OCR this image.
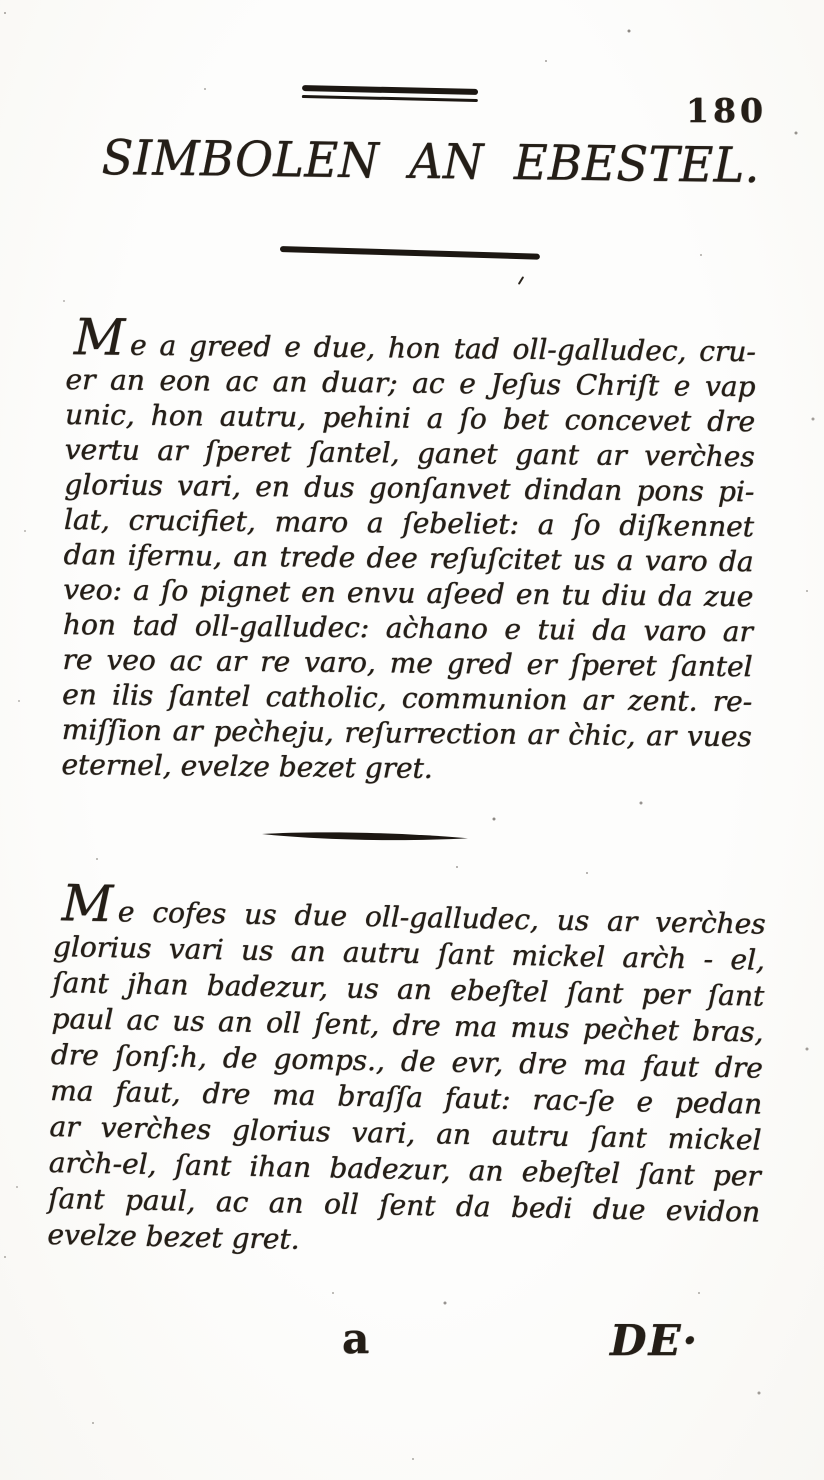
180
SIMBOLEN AN EBESTEL.
M e a greed e due, hon tad oll-galludec, cru-
er an eon ac an duar; ac e Jeſus Chriſt e vap
unic, hon autru, pehini a ſo bet concevet dre
vertu ar ſperet ſantel, ganet gant ar verc̀hes
glorius vari, en dus gonſanvet dindan pons pi-
lat, crucifiet, maro a ſebeliet: a ſo diſkennet
dan ifernu, an trede dee reſuſcitet us a varo da
veo: a ſo pignet en envu aſeed en tu diu da zue
hon tad oll-galludec: ac̀hano e tui da varo ar
re veo ac ar re varo, me gred er ſperet ſantel
en ilis ſantel catholic, communion ar zent. re-
miſſion ar pec̀heju, reſurrection ar c̀hic, ar vues
eternel, evelze bezet gret.
M e cofes us due oll-galludec, us ar verc̀hes
glorius vari us an autru ſant mickel arc̀h - el,
ſant jhan badezur, us an ebeſtel ſant per ſant
paul ac us an oll ſent, dre ma mus pec̀het bras,
dre ſonſ:h, de gomps., de evr, dre ma faut dre
ma faut, dre ma braſſa faut: rac-ſe e pedan
ar verc̀hes glorius vari, an autru ſant mickel
arc̀h-el, ſant ihan badezur, an ebeſtel ſant per
ſant paul, ac an oll ſent da bedi due evidon
evelze bezet gret.
a	DE·
